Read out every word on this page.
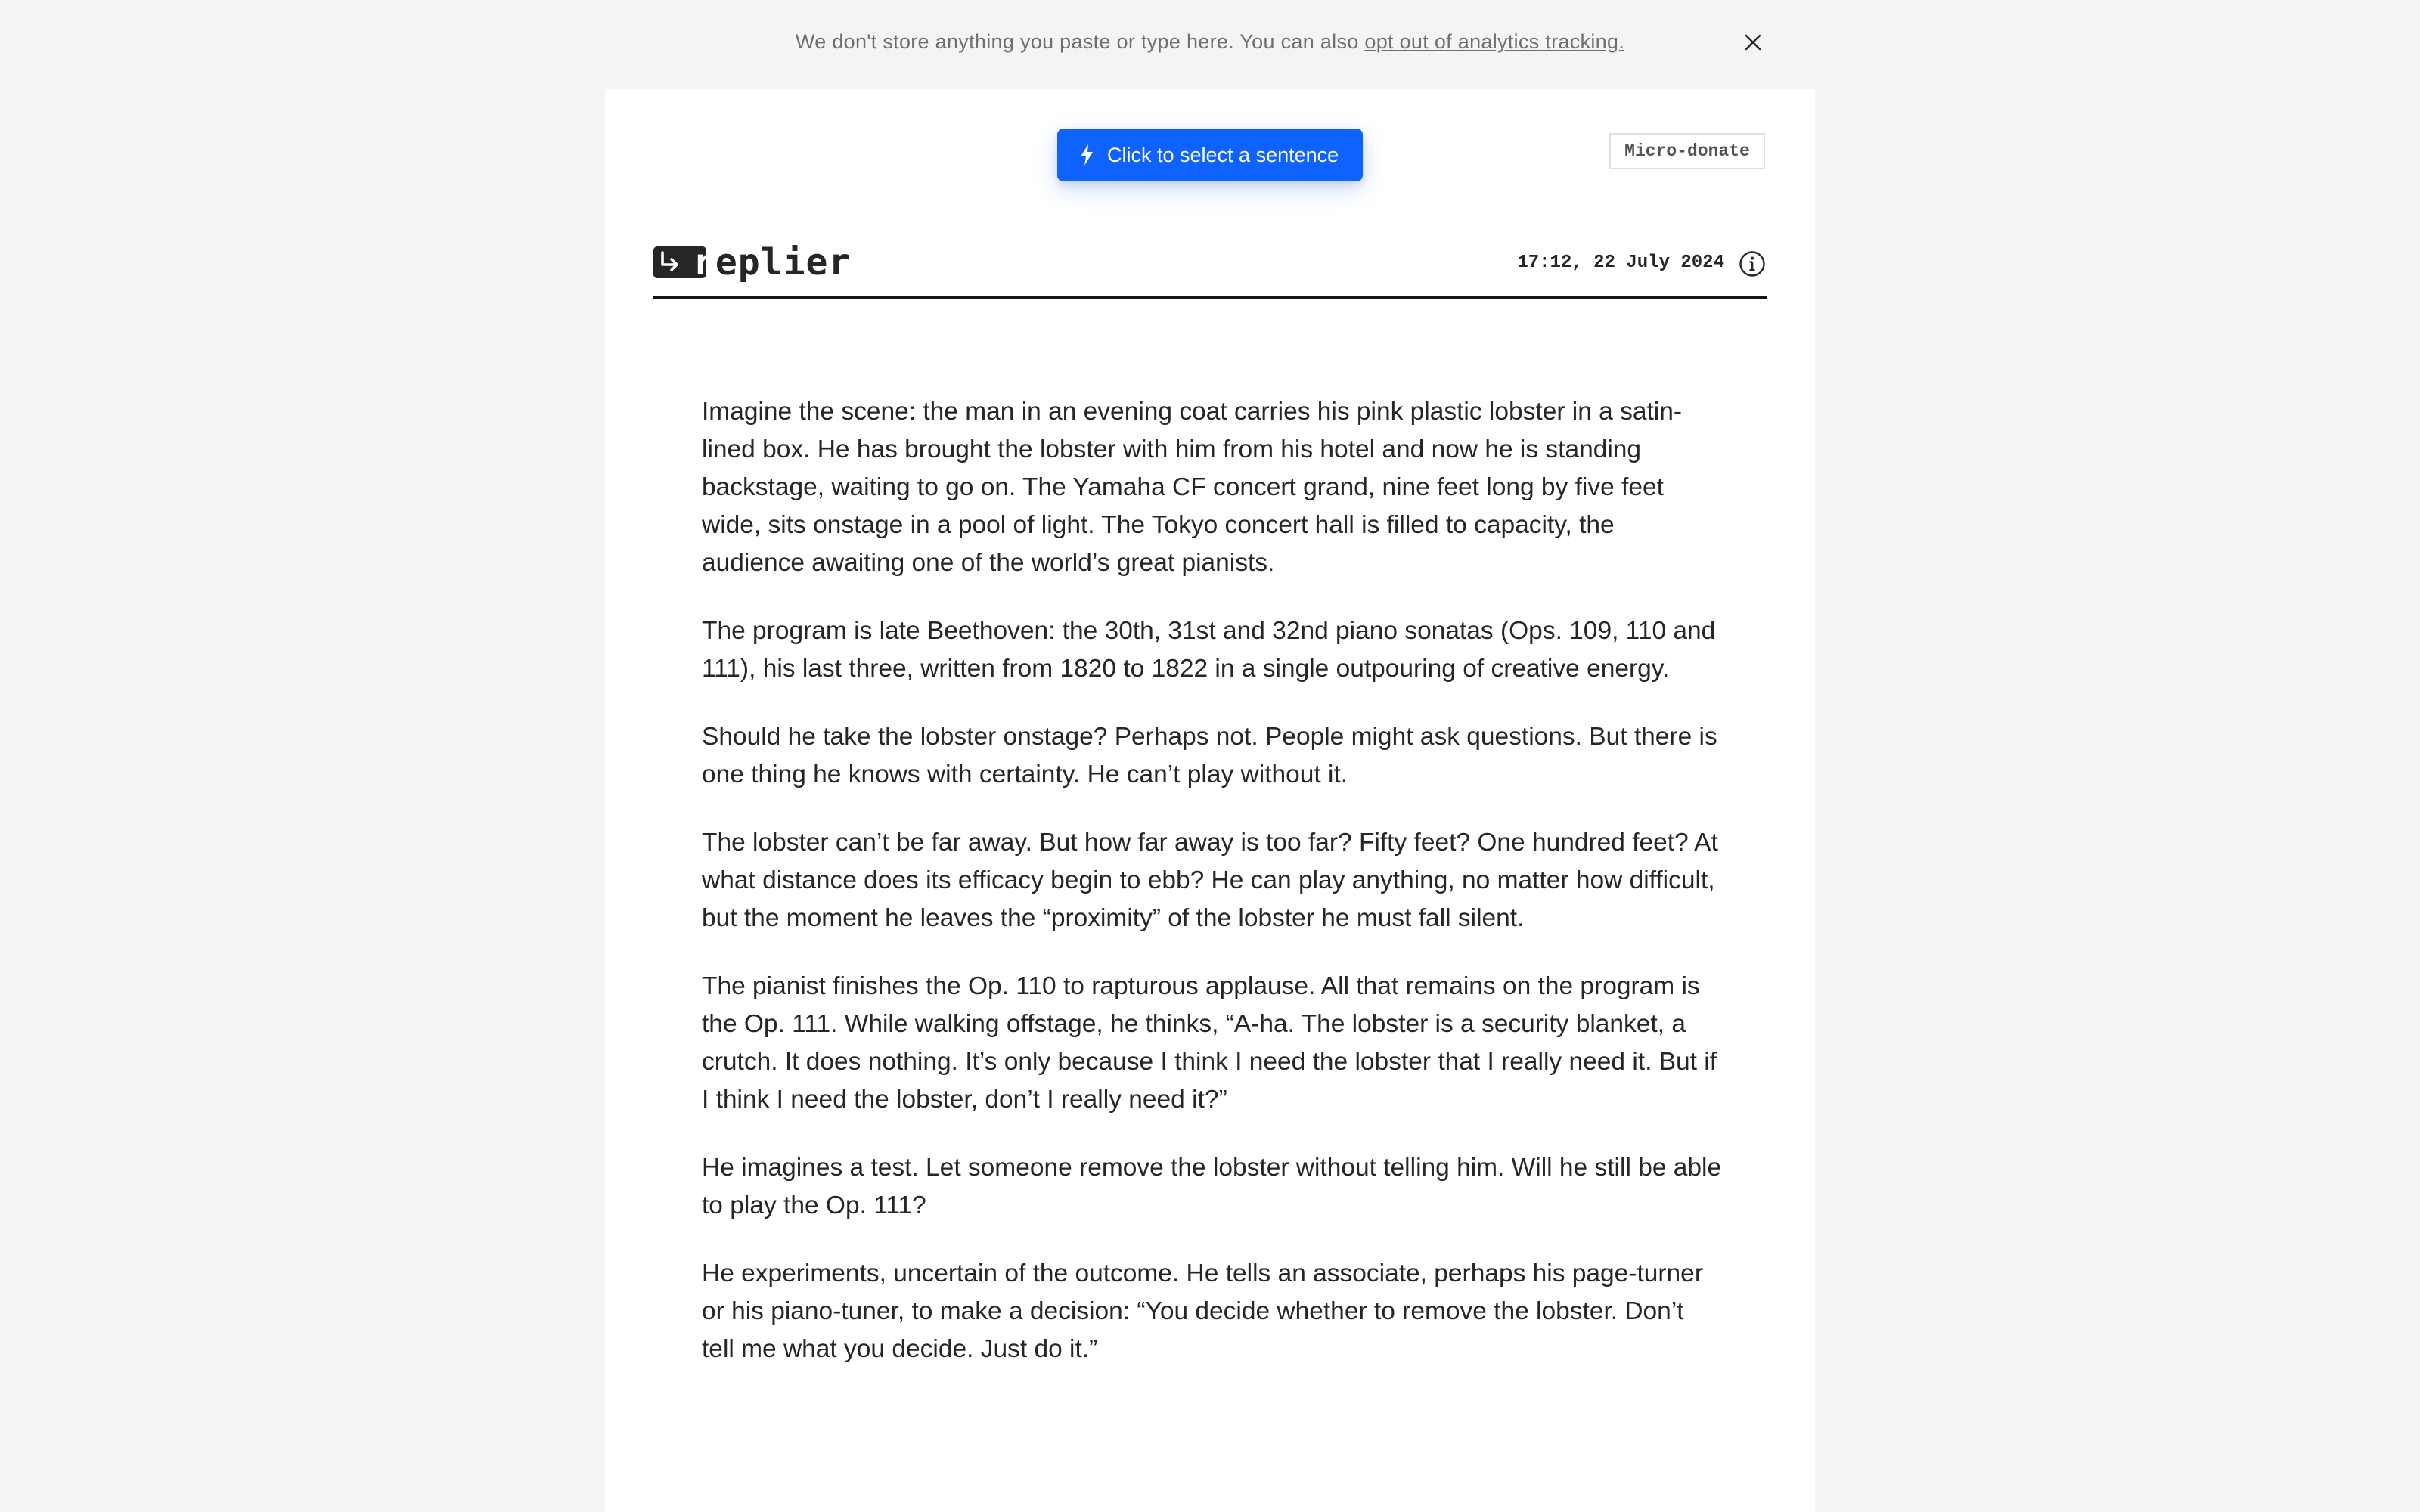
We don't store anything you paste or type here. You can also opt out of analytics tracking.
Click to select a sentence	Micro-donate
replier	17:12, 22 July 2024

Imagine the scene: the man in an evening coat carries his pink plastic lobster in a satin-lined box. He has brought the lobster with him from his hotel and now he is standing backstage, waiting to go on. The Yamaha CF concert grand, nine feet long by five feet wide, sits onstage in a pool of light. The Tokyo concert hall is filled to capacity, the audience awaiting one of the world’s great pianists.

The program is late Beethoven: the 30th, 31st and 32nd piano sonatas (Ops. 109, 110 and 111), his last three, written from 1820 to 1822 in a single outpouring of creative energy.

Should he take the lobster onstage? Perhaps not. People might ask questions. But there is one thing he knows with certainty. He can’t play without it.

The lobster can’t be far away. But how far away is too far? Fifty feet? One hundred feet? At what distance does its efficacy begin to ebb? He can play anything, no matter how difficult, but the moment he leaves the “proximity” of the lobster he must fall silent.

The pianist finishes the Op. 110 to rapturous applause. All that remains on the program is the Op. 111. While walking offstage, he thinks, “A-ha. The lobster is a security blanket, a crutch. It does nothing. It’s only because I think I need the lobster that I really need it. But if I think I need the lobster, don’t I really need it?”

He imagines a test. Let someone remove the lobster without telling him. Will he still be able to play the Op. 111?

He experiments, uncertain of the outcome. He tells an associate, perhaps his page-turner or his piano-tuner, to make a decision: “You decide whether to remove the lobster. Don’t tell me what you decide. Just do it.”
